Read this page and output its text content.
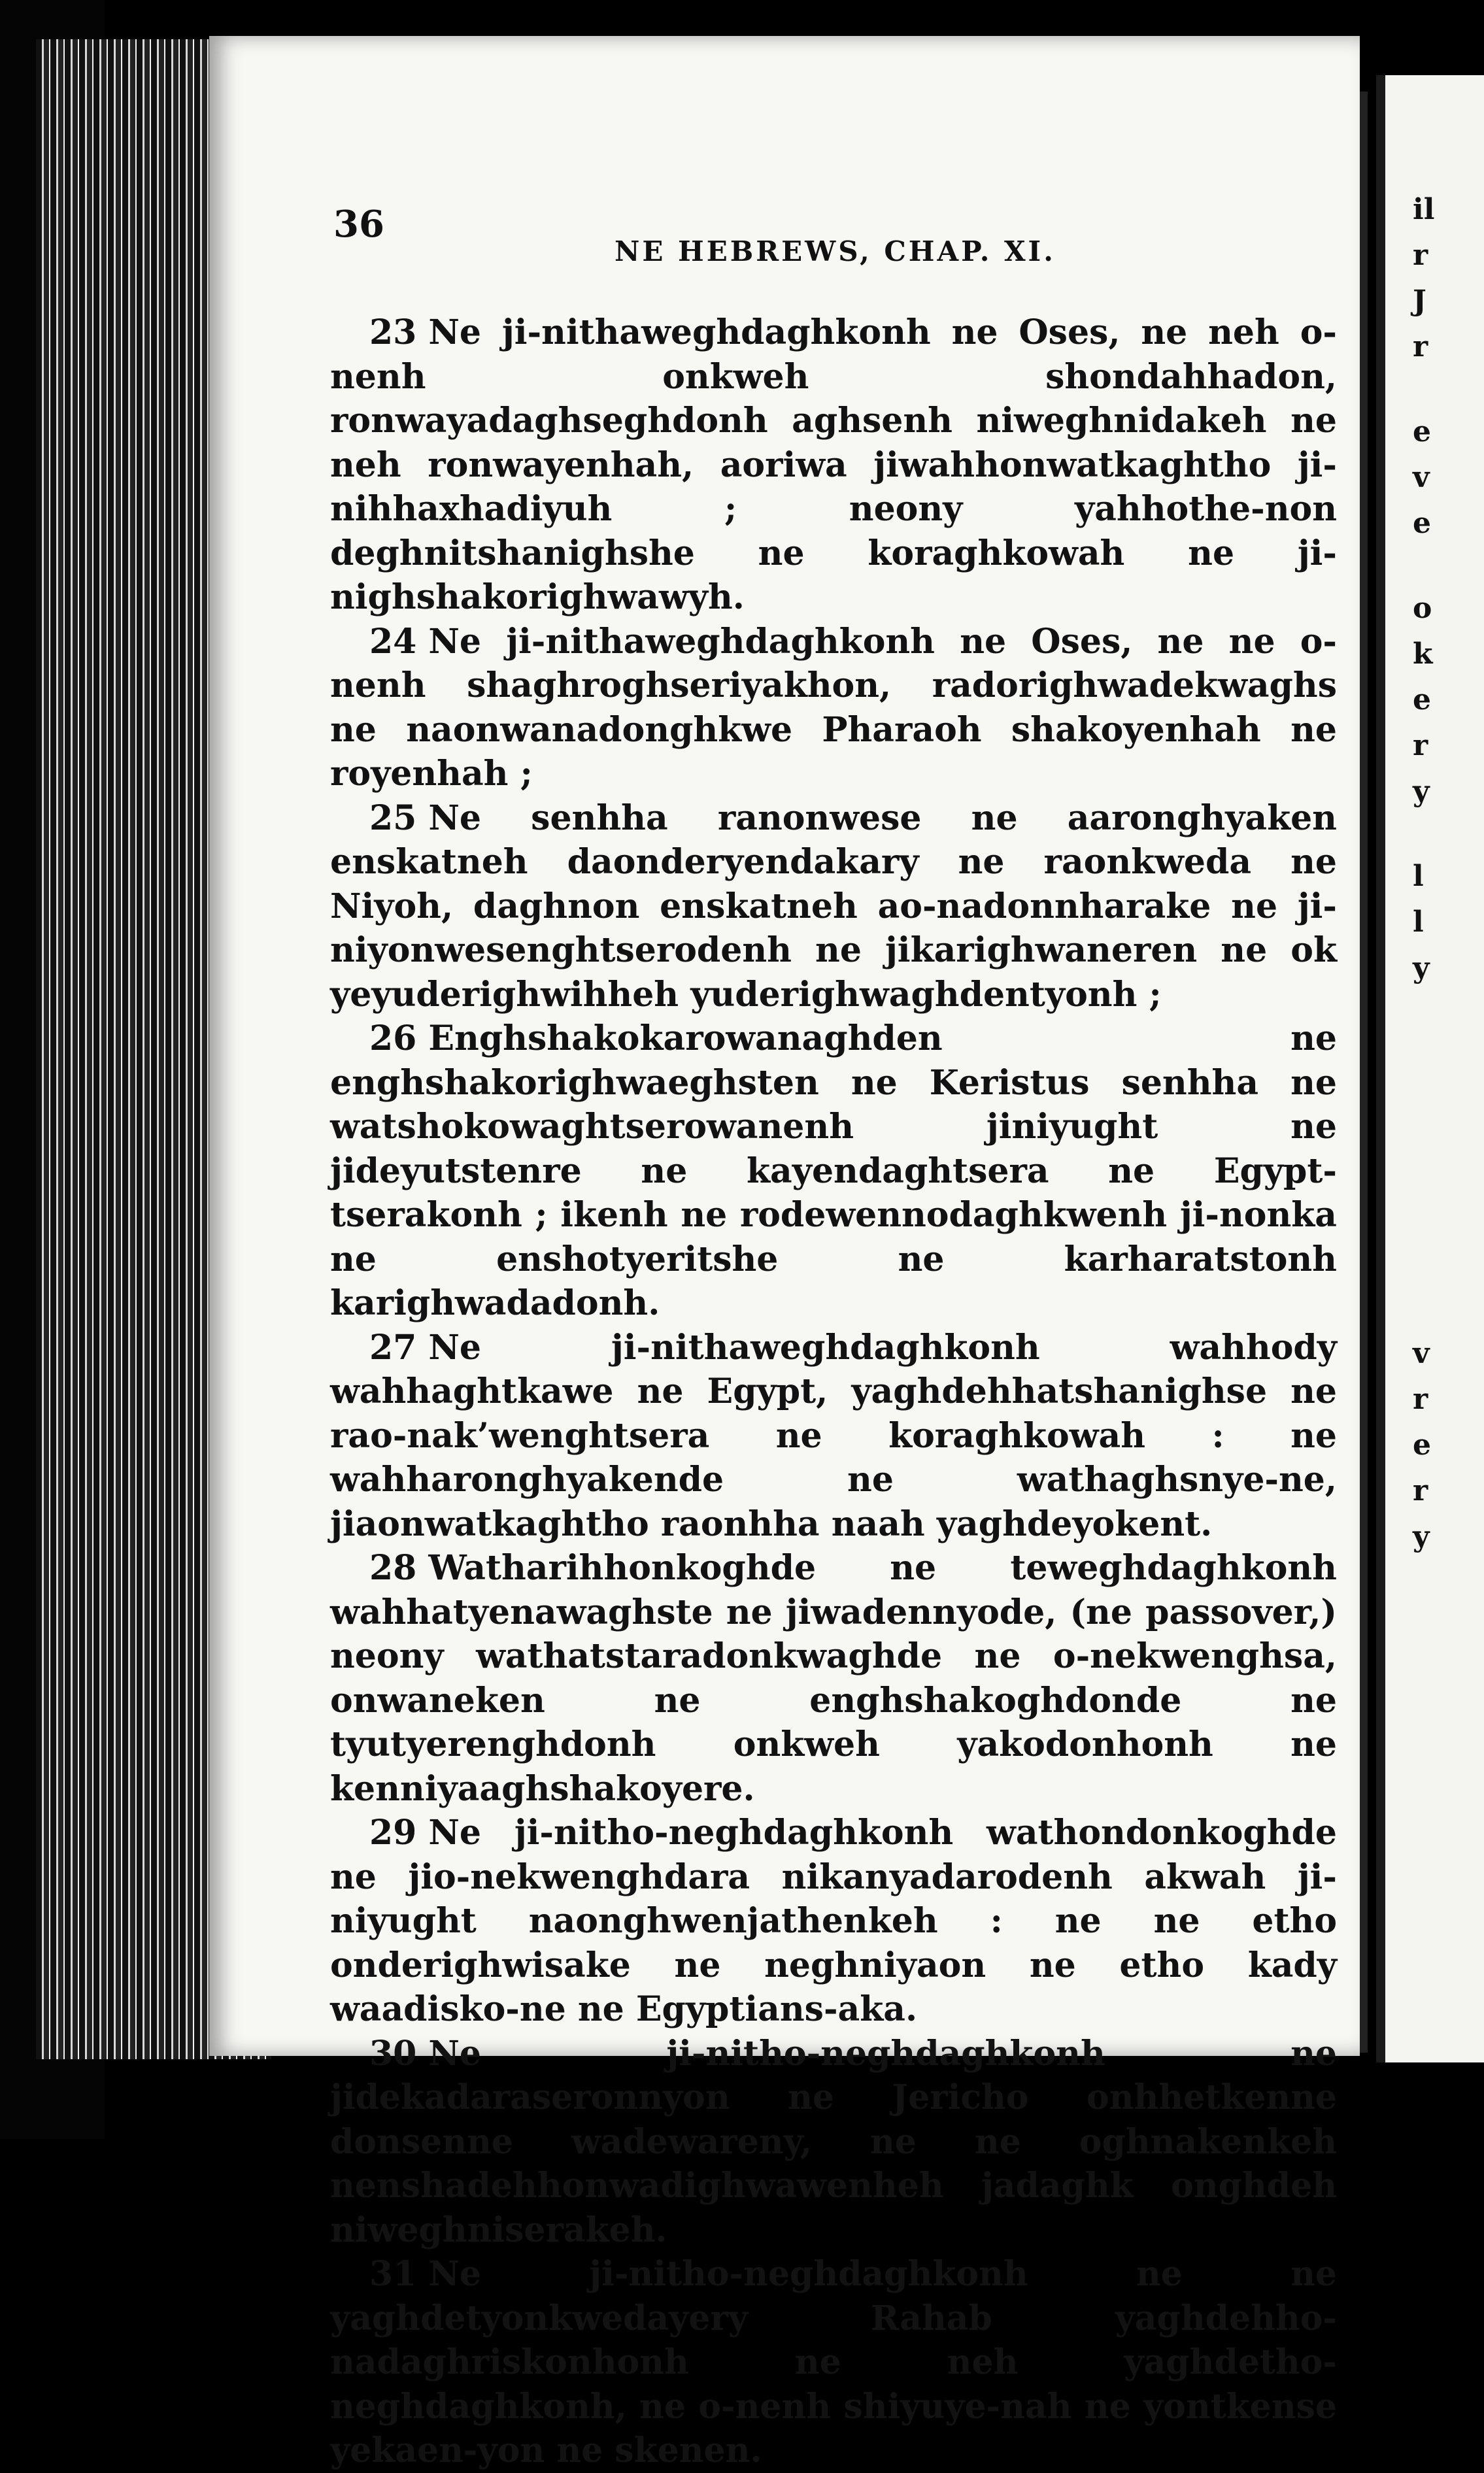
il
r
J
r
e
v
e
o
k
e
r
y
l
l
y
v
r
e
r
y
36
NE HEBREWS, CHAP. XI.

23 Ne ji-nithaweghdaghkonh ne Oses, ne neh o-nenh onkweh shondahhadon, ronwayadaghseghdonh aghsenh niweghnidakeh ne neh ronwayenhah, aoriwa jiwahhonwatkaghtho ji-nihhaxhadiyuh ; neony yahhothe-non deghnitshanighshe ne koraghkowah ne ji-nighshakorighwawyh.

24 Ne ji-nithaweghdaghkonh ne Oses, ne ne o-nenh shaghroghseriyakhon, radorighwadekwaghs ne naonwanadonghkwe Pharaoh shakoyenhah ne royenhah ;

25 Ne senhha ranonwese ne aaronghyaken enskatneh daonderyendakary ne raonkweda ne Niyoh, daghnon enskatneh ao-nadonnharake ne ji-niyonwesenghtserodenh ne jikarighwaneren ne ok yeyuderighwihheh yuderighwaghdentyonh ;

26 Enghshakokarowanaghden ne enghshakorighwaeghsten ne Keristus senhha ne watshokowaghtserowanenh jiniyught ne jideyutstenre ne kayendaghtsera ne Egypt-tserakonh ; ikenh ne rodewennodaghkwenh ji-nonka ne enshotyeritshe ne karharatstonh karighwadadonh.

27 Ne ji-nithaweghdaghkonh wahhody wahhaghtkawe ne Egypt, yaghdehhatshanighse ne rao-nak’wenghtsera ne koraghkowah : ne wahharonghyakende ne wathaghsnye-ne, jiaonwatkaghtho raonhha naah yaghdeyokent.

28 Watharihhonkoghde ne teweghdaghkonh wahhatyenawaghste ne jiwadennyode, (ne passover,) neony wathatstaradonkwaghde ne o-nekwenghsa, onwaneken ne enghshakoghdonde ne tyutyerenghdonh onkweh yakodonhonh ne kenniyaaghshakoyere.

29 Ne ji-nitho-neghdaghkonh wathondonkoghde ne jio-nekwenghdara nikanyadarodenh akwah ji-niyught naonghwenjathenkeh : ne ne etho onderighwisake ne neghniyaon ne etho kady waadisko-ne ne Egyptians-aka.

30 Ne ji-nitho-neghdaghkonh ne jidekadaraseronnyon ne Jericho onhhetkenne donsenne wadewareny, ne ne oghnakenkeh nenshadehhonwadighwawenheh jadaghk onghdeh niweghniserakeh.

31 Ne ji-nitho-neghdaghkonh ne ne yaghdetyonkwedayery Rahab yaghdehho-nadaghriskonhonh ne neh yaghdetho-neghdaghkonh, ne o-nenh shiyuye-nah ne yontkense yekaen-yon ne skenen.
